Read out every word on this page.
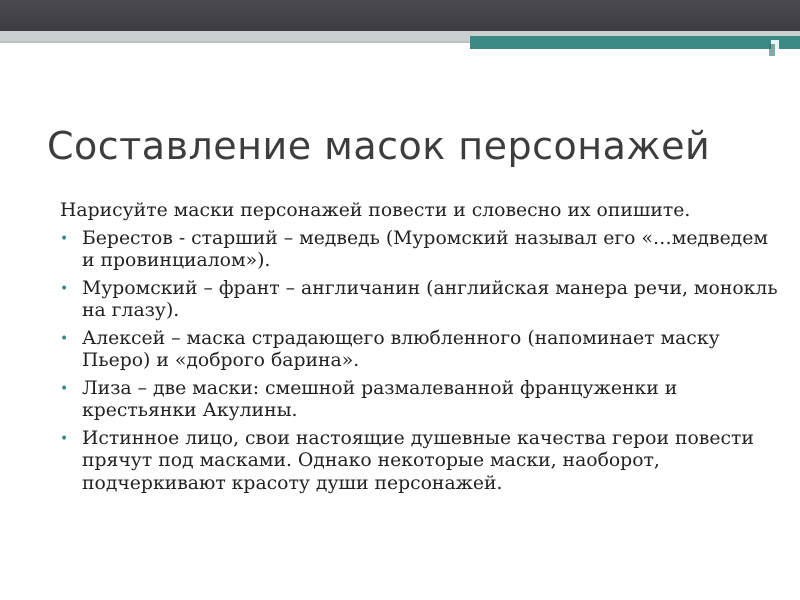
Составление масок персонажей
Нарисуйте маски персонажей повести и словесно их опишите.
• Берестов - старший – медведь (Муромский называл его «…медведем и провинциалом»).
• Муромский – франт – англичанин (английская манера речи, монокль на глазу).
• Алексей – маска страдающего влюбленного (напоминает маску Пьеро) и «доброго барина».
• Лиза – две маски: смешной размалеванной француженки и крестьянки Акулины.
• Истинное лицо, свои настоящие душевные качества герои повести прячут под масками. Однако некоторые маски, наоборот, подчеркивают красоту души персонажей.
